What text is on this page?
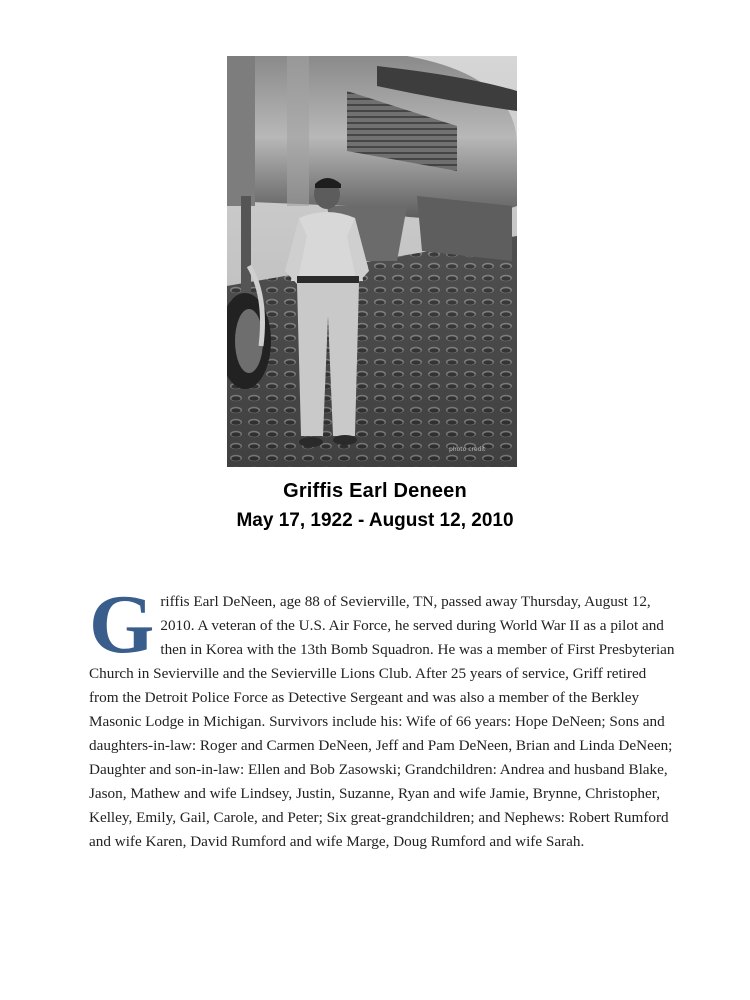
photo credit
Griffis Earl Deneen
May 17, 1922 - August 12, 2010
Griffis Earl DeNeen, age 88 of Sevierville, TN, passed away Thursday, August 12, 2010. A veteran of the U.S. Air Force, he served during World War II as a pilot and then in Korea with the 13th Bomb Squadron. He was a member of First Presbyterian Church in Sevierville and the Sevierville Lions Club. After 25 years of service, Griff retired from the Detroit Police Force as Detective Sergeant and was also a member of the Berkley Masonic Lodge in Michigan. Survivors include his: Wife of 66 years: Hope DeNeen; Sons and daughters-in-law: Roger and Carmen DeNeen, Jeff and Pam DeNeen, Brian and Linda DeNeen; Daughter and son-in-law: Ellen and Bob Zasowski; Grandchildren: Andrea and husband Blake, Jason, Mathew and wife Lindsey, Justin, Suzanne, Ryan and wife Jamie, Brynne, Christopher, Kelley, Emily, Gail, Carole, and Peter; Six great-grandchildren; and Nephews: Robert Rumford and wife Karen, David Rumford and wife Marge, Doug Rumford and wife Sarah.
